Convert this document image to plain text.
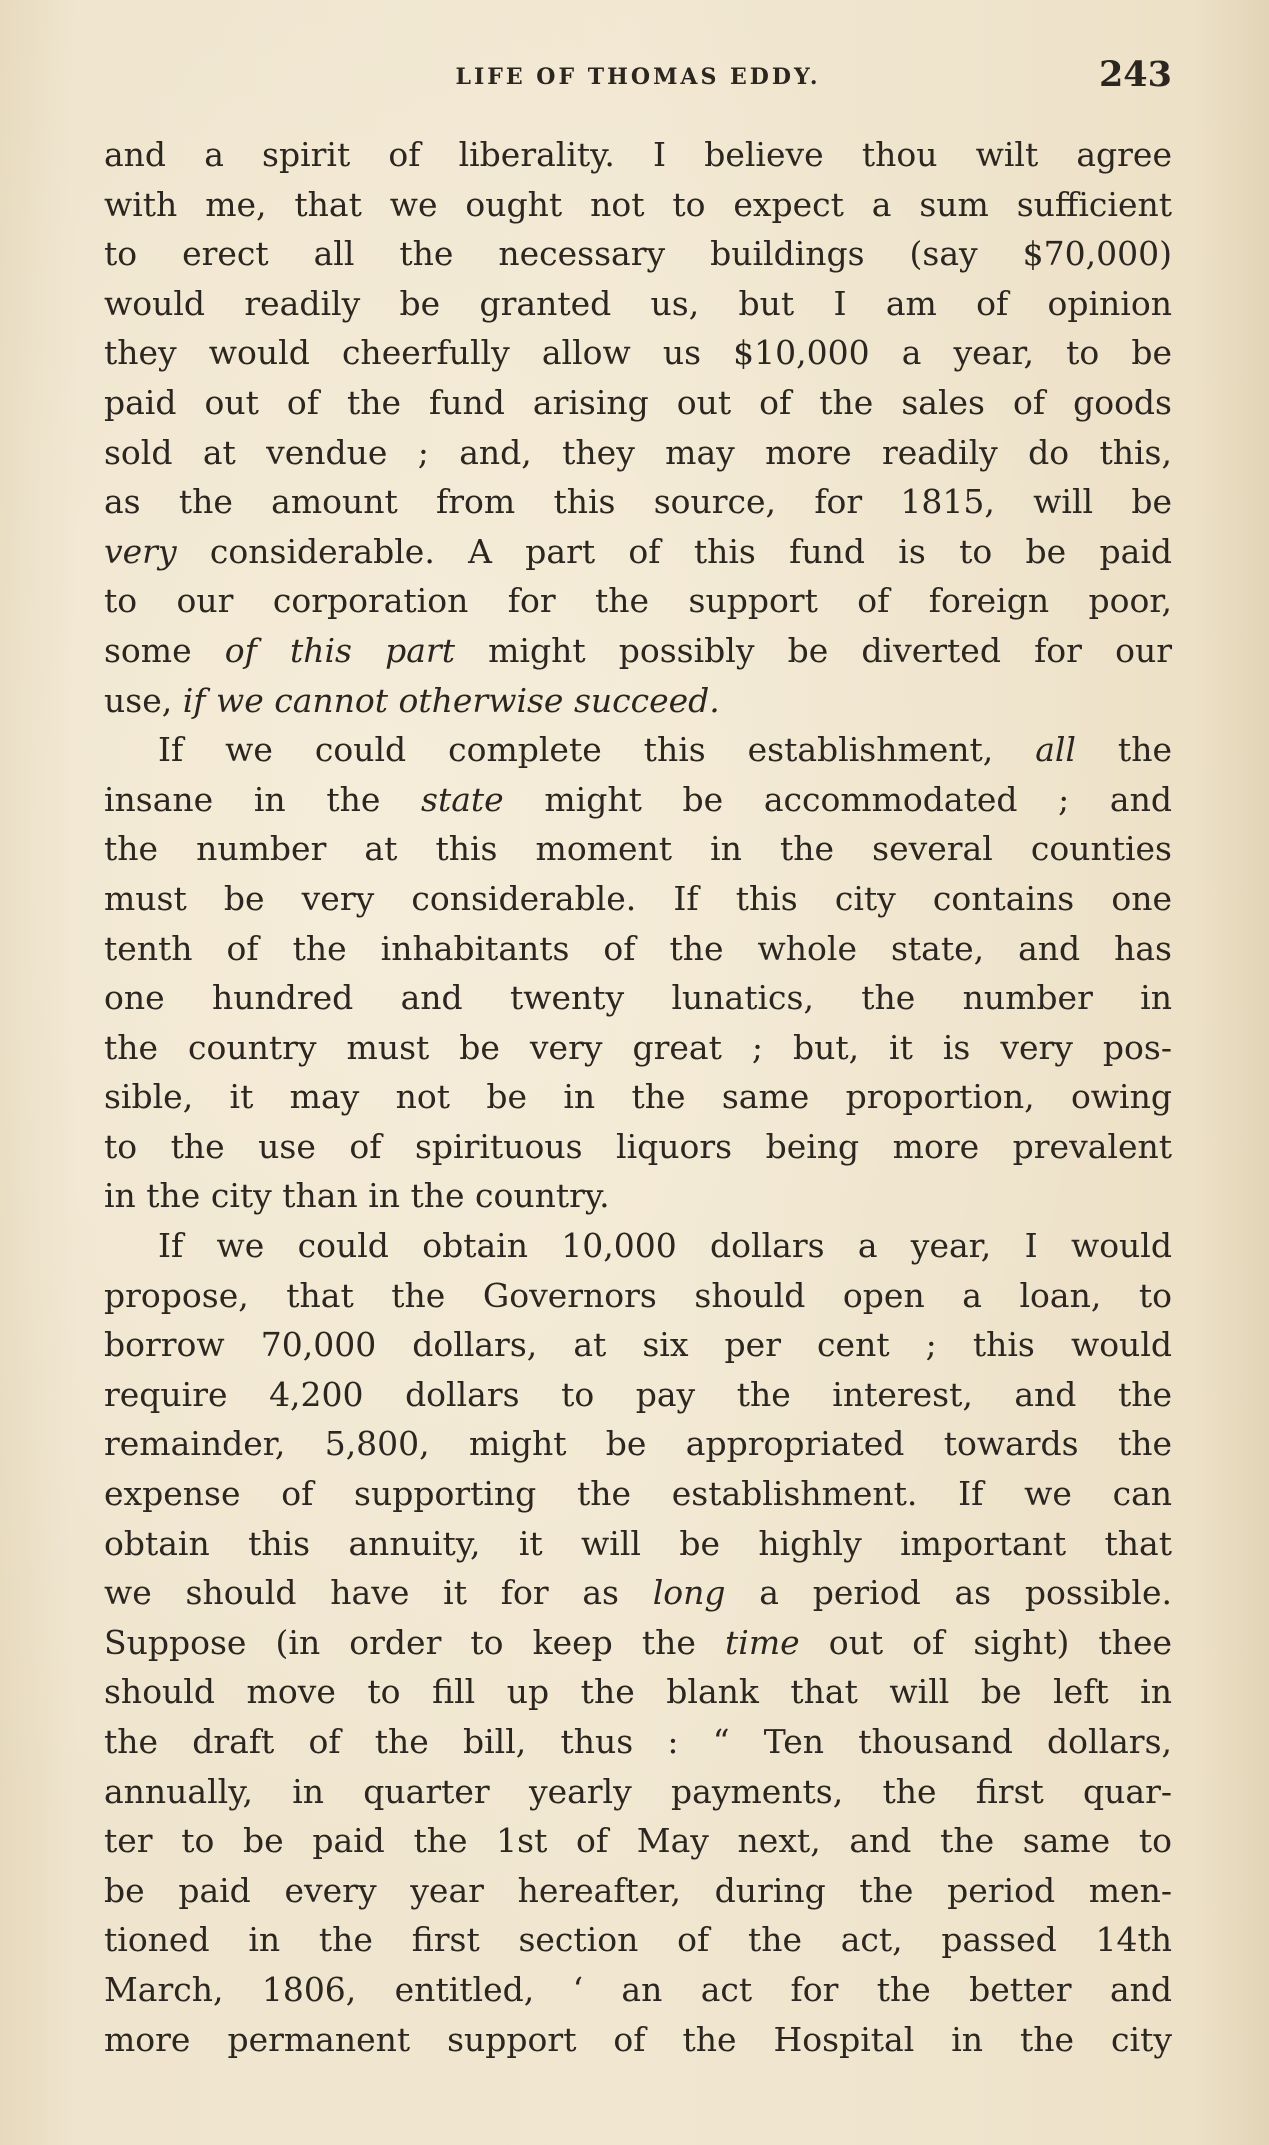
LIFE OF THOMAS EDDY.	243
and a spirit of liberality. I believe thou wilt agree
with me, that we ought not to expect a sum sufficient
to erect all the necessary buildings (say $70,000)
would readily be granted us, but I am of opinion
they would cheerfully allow us $10,000 a year, to be
paid out of the fund arising out of the sales of goods
sold at vendue ; and, they may more readily do this,
as the amount from this source, for 1815, will be
very considerable. A part of this fund is to be paid
to our corporation for the support of foreign poor,
some of this part might possibly be diverted for our
use, if we cannot otherwise succeed.
If we could complete this establishment, all the
insane in the state might be accommodated ; and
the number at this moment in the several counties
must be very considerable. If this city contains one
tenth of the inhabitants of the whole state, and has
one hundred and twenty lunatics, the number in
the country must be very great ; but, it is very pos-
sible, it may not be in the same proportion, owing
to the use of spirituous liquors being more prevalent
in the city than in the country.
If we could obtain 10,000 dollars a year, I would
propose, that the Governors should open a loan, to
borrow 70,000 dollars, at six per cent ; this would
require 4,200 dollars to pay the interest, and the
remainder, 5,800, might be appropriated towards the
expense of supporting the establishment. If we can
obtain this annuity, it will be highly important that
we should have it for as long a period as possible.
Suppose (in order to keep the time out of sight) thee
should move to fill up the blank that will be left in
the draft of the bill, thus : “ Ten thousand dollars,
annually, in quarter yearly payments, the first quar-
ter to be paid the 1st of May next, and the same to
be paid every year hereafter, during the period men-
tioned in the first section of the act, passed 14th
March, 1806, entitled, ‘ an act for the better and
more permanent support of the Hospital in the city
